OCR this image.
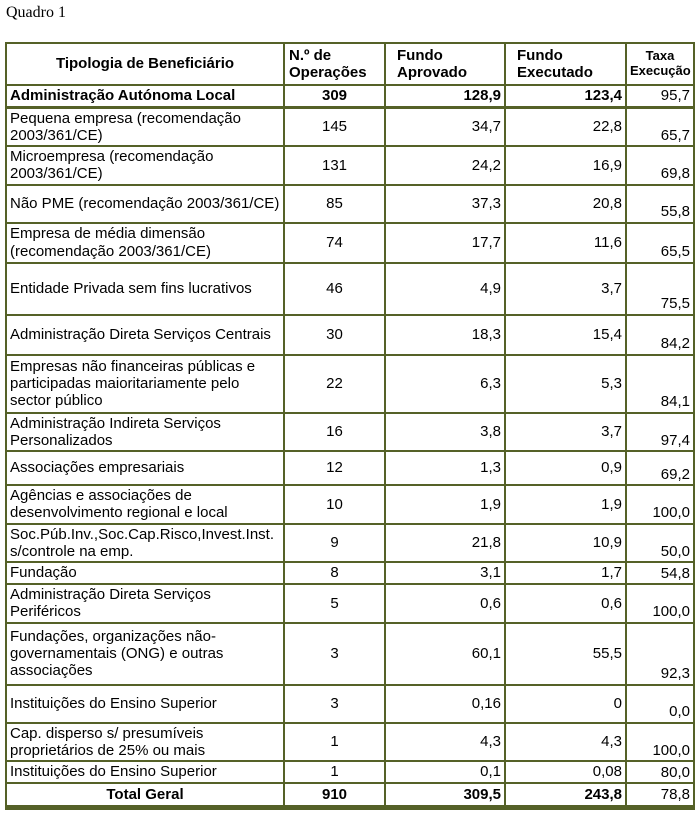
Quadro 1
Tipologia de Beneficiário	N.º de Operações	Fundo Aprovado	Fundo Executado	Taxa Execução
Administração Autónoma Local	309	128,9	123,4	95,7
Pequena empresa (recomendação 2003/361/CE)	145	34,7	22,8	65,7
Microempresa (recomendação 2003/361/CE)	131	24,2	16,9	69,8
Não PME (recomendação 2003/361/CE)	85	37,3	20,8	55,8
Empresa de média dimensão (recomendação 2003/361/CE)	74	17,7	11,6	65,5
Entidade Privada sem fins lucrativos	46	4,9	3,7	75,5
Administração Direta Serviços Centrais	30	18,3	15,4	84,2
Empresas não financeiras públicas e participadas maioritariamente pelo sector público	22	6,3	5,3	84,1
Administração Indireta Serviços Personalizados	16	3,8	3,7	97,4
Associações empresariais	12	1,3	0,9	69,2
Agências e associações de desenvolvimento regional e local	10	1,9	1,9	100,0
Soc.Púb.Inv.,Soc.Cap.Risco,Invest.Inst.s/controle na emp.	9	21,8	10,9	50,0
Fundação	8	3,1	1,7	54,8
Administração Direta Serviços Periféricos	5	0,6	0,6	100,0
Fundações, organizações não-governamentais (ONG) e outras associações	3	60,1	55,5	92,3
Instituições do Ensino Superior	3	0,16	0	0,0
Cap. disperso s/ presumíveis proprietários de 25% ou mais	1	4,3	4,3	100,0
Instituições do Ensino Superior	1	0,1	0,08	80,0
Total Geral	910	309,5	243,8	78,8
